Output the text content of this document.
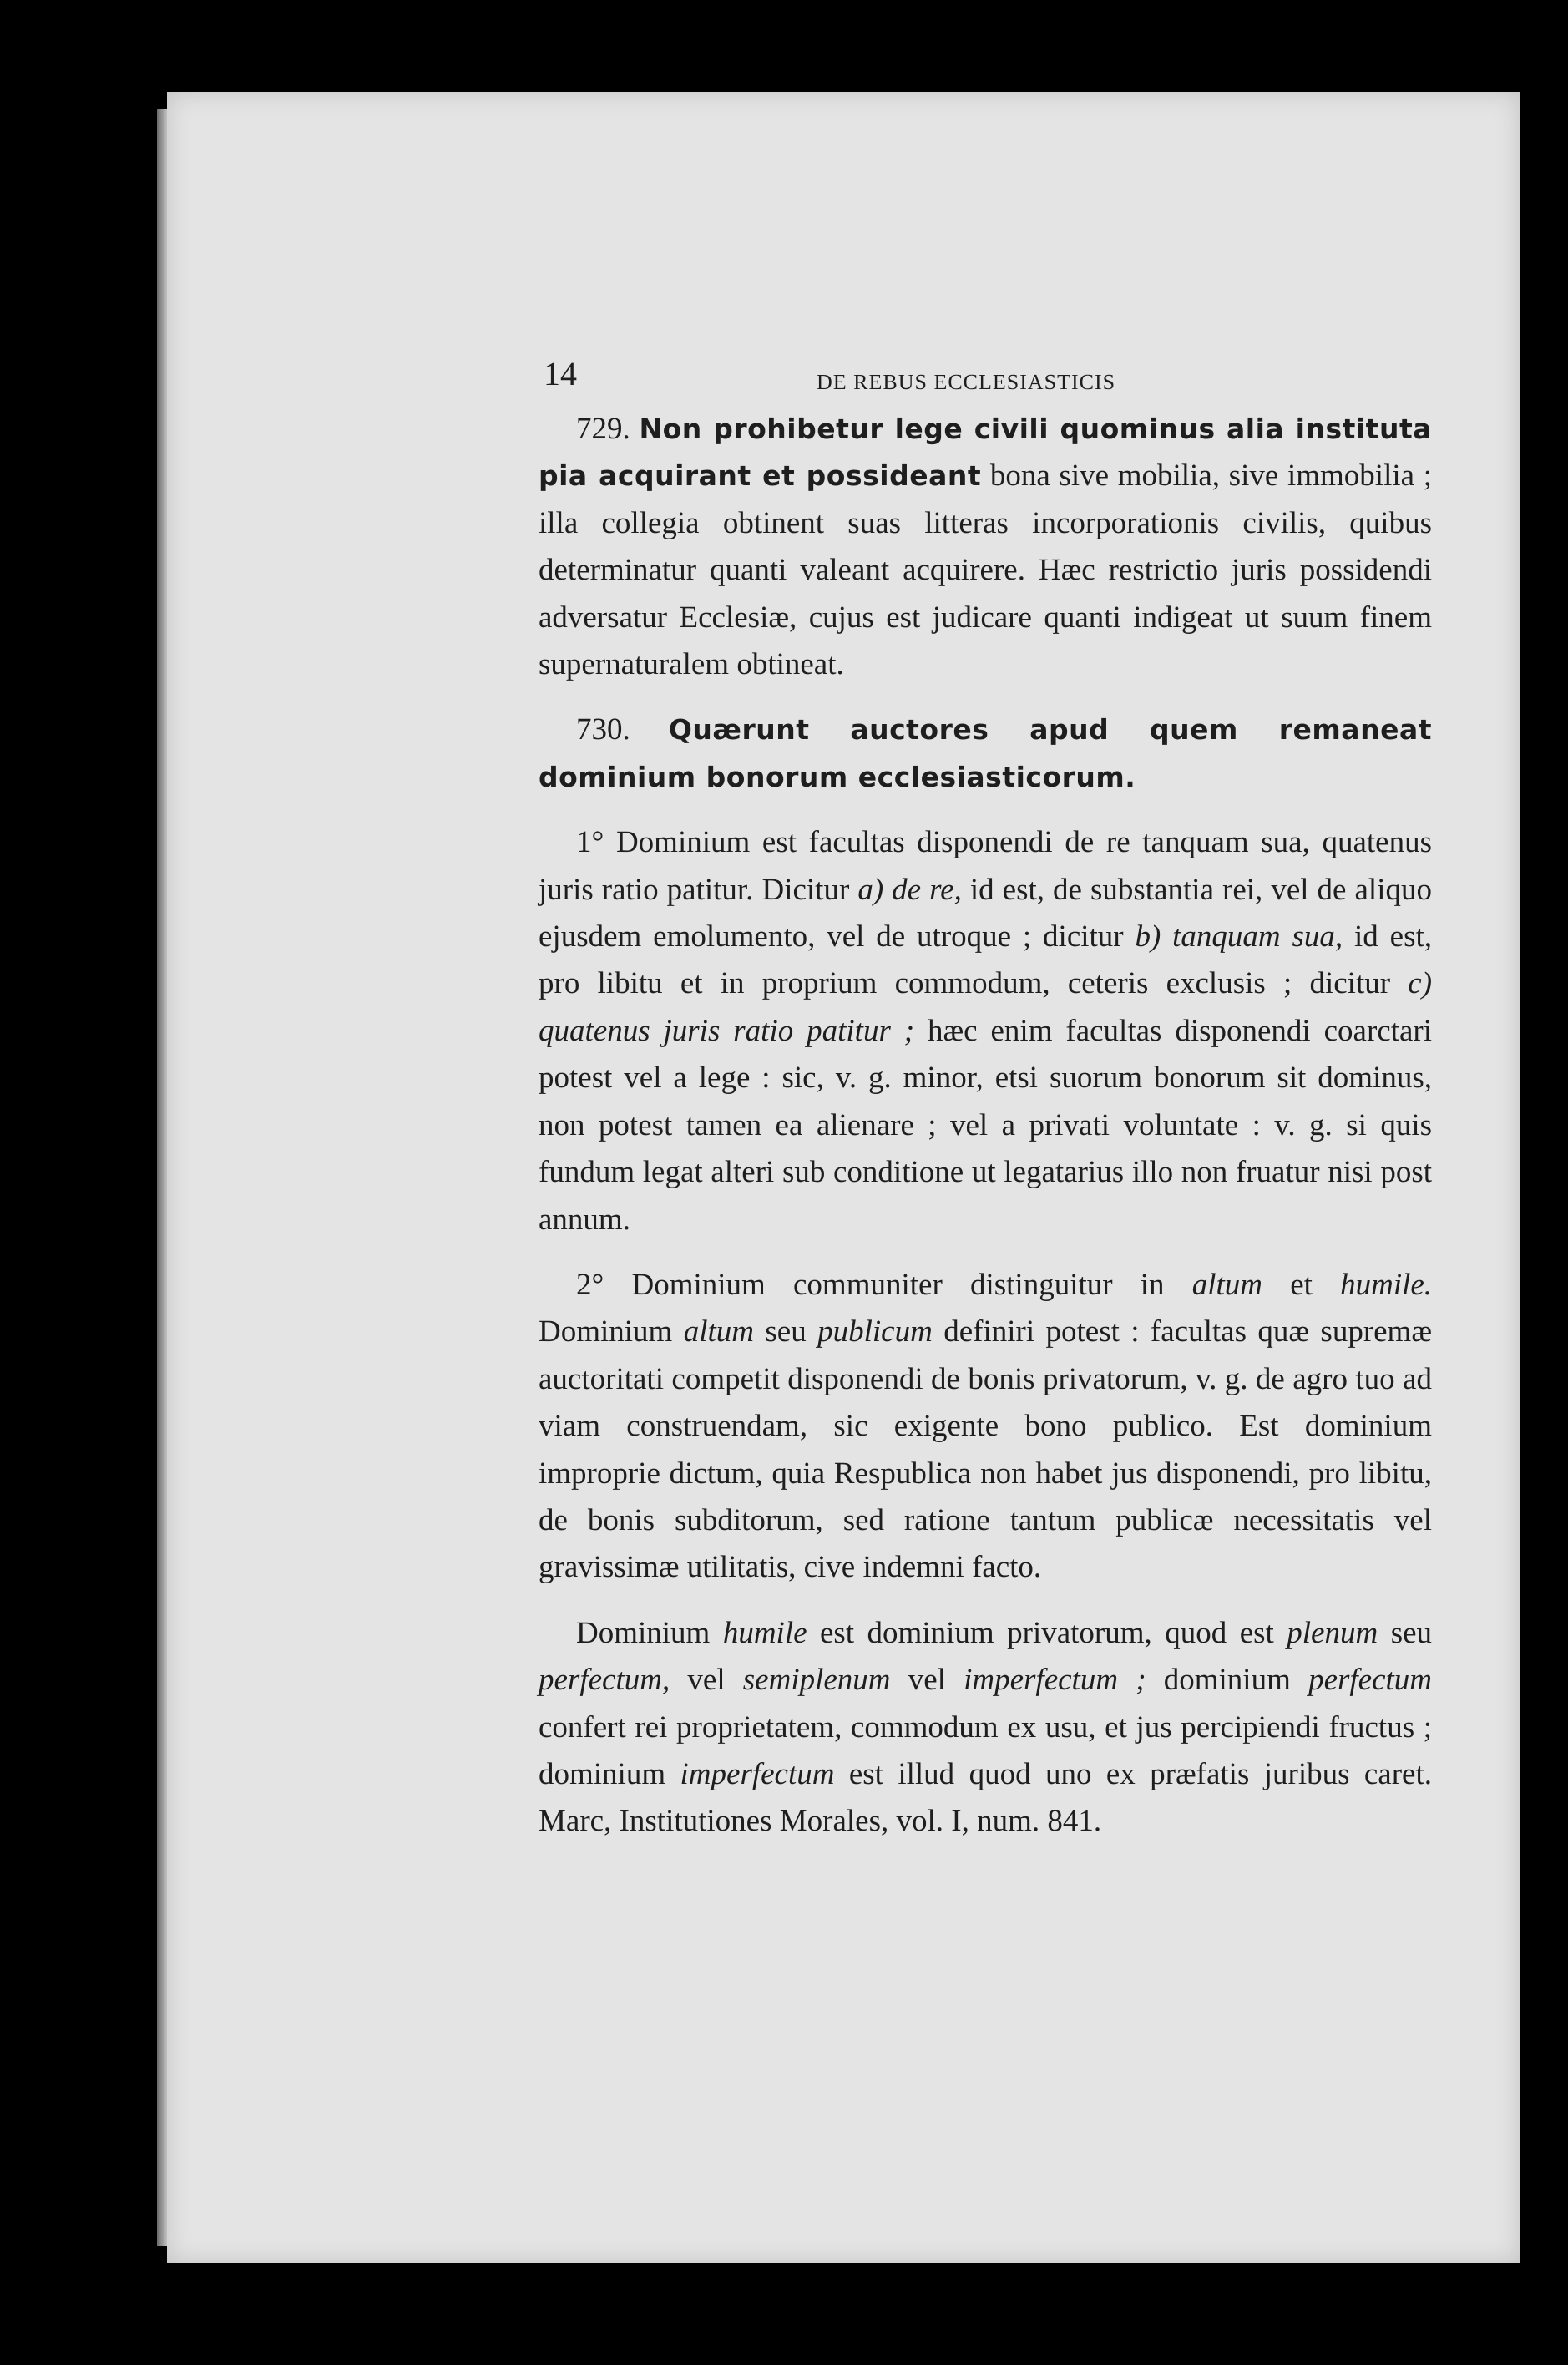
14	DE REBUS ECCLESIASTICIS

729. Non prohibetur lege civili quominus alia instituta pia acquirant et possideant bona sive mobilia, sive immobilia ; illa collegia obtinent suas litteras incorporationis civilis, quibus determinatur quanti valeant acquirere. Hæc restrictio juris possidendi adversatur Ecclesiæ, cujus est judicare quanti indigeat ut suum finem supernaturalem obtineat.

730. Quærunt auctores apud quem remaneat dominium bonorum ecclesiasticorum.

1° Dominium est facultas disponendi de re tanquam sua, quatenus juris ratio patitur. Dicitur a) de re, id est, de substantia rei, vel de aliquo ejusdem emolumento, vel de utroque ; dicitur b) tanquam sua, id est, pro libitu et in proprium commodum, ceteris exclusis ; dicitur c) quatenus juris ratio patitur ; hæc enim facultas disponendi coarctari potest vel a lege : sic, v. g. minor, etsi suorum bonorum sit dominus, non potest tamen ea alienare ; vel a privati voluntate : v. g. si quis fundum legat alteri sub conditione ut legatarius illo non fruatur nisi post annum.

2° Dominium communiter distinguitur in altum et humile. Dominium altum seu publicum definiri potest : facultas quæ supremæ auctoritati competit disponendi de bonis privatorum, v. g. de agro tuo ad viam construendam, sic exigente bono publico. Est dominium improprie dictum, quia Respublica non habet jus disponendi, pro libitu, de bonis subditorum, sed ratione tantum publicæ necessitatis vel gravissimæ utilitatis, cive indemni facto.

Dominium humile est dominium privatorum, quod est plenum seu perfectum, vel semiplenum vel imperfectum ; dominium perfectum confert rei proprietatem, commodum ex usu, et jus percipiendi fructus ; dominium imperfectum est illud quod uno ex præfatis juribus caret. Marc, Institutiones Morales, vol. I, num. 841.
